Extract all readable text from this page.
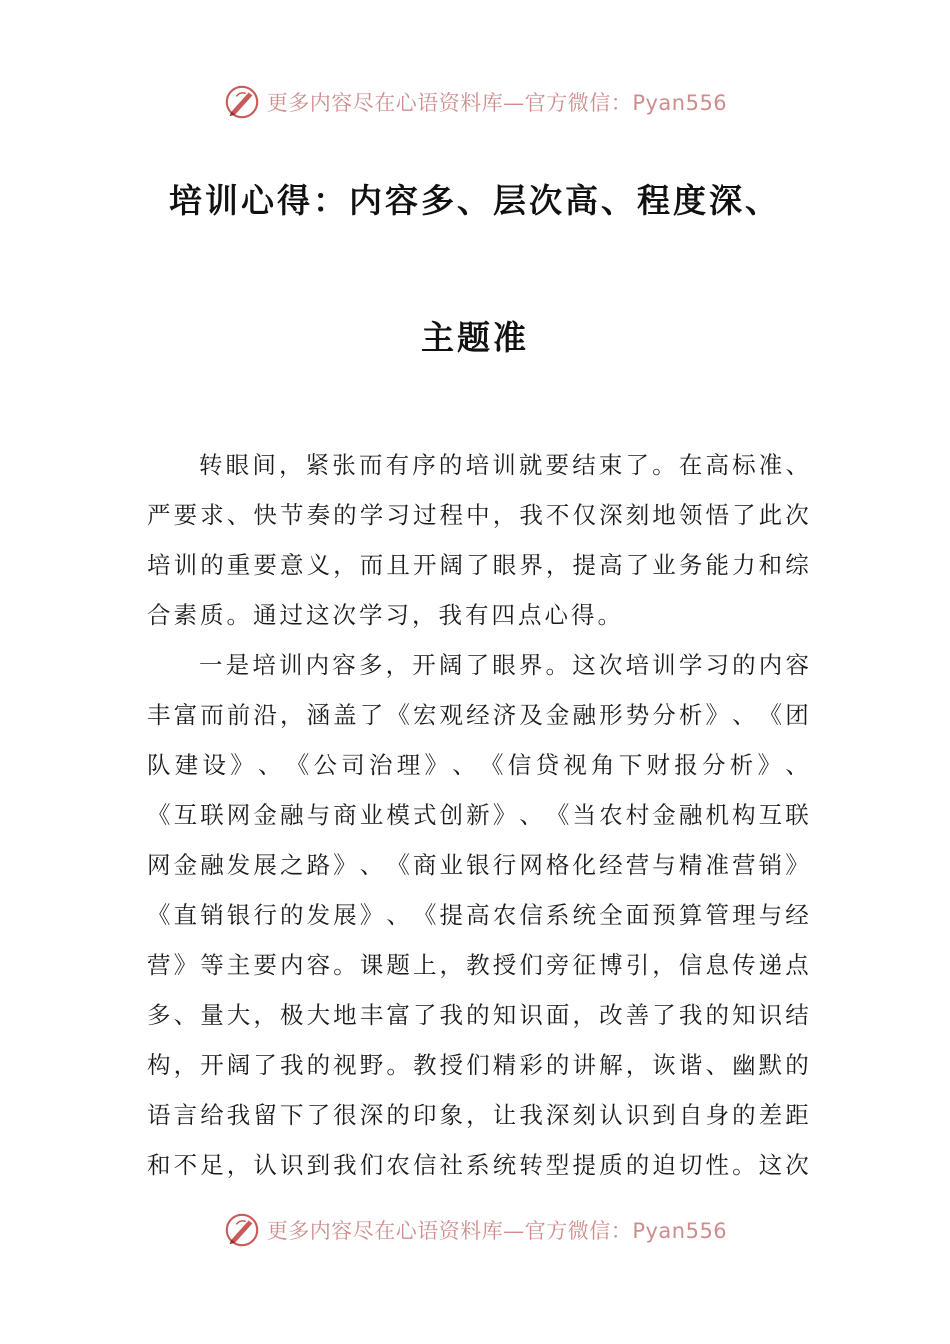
更多内容尽在心语资料库—官方微信：Pyan556
培训心得：内容多、层次高、程度深、
主题准
转 眼 间 ， 紧 张 而 有 序 的 培 训 就 要 结 束 了 。 在 高 标 准 、
严 要 求 、 快 节 奏 的 学 习 过 程 中 ， 我 不 仅 深 刻 地 领 悟 了 此 次
培 训 的 重 要 意 义 ， 而 且 开 阔 了 眼 界 ， 提 高 了 业 务 能 力 和 综
合素质。通过这次学习，我有四点心得。
一 是 培 训 内 容 多 ， 开 阔 了 眼 界 。 这 次 培 训 学 习 的 内 容
丰 富 而 前 沿 ， 涵 盖 了 《 宏 观 经 济 及 金 融 形 势 分 析 》 、 《 团
队 建 设 》 、 《 公 司 治 理 》 、 《 信 贷 视 角 下 财 报 分 析 》 、
《 互 联 网 金 融 与 商 业 模 式 创 新 》 、 《 当 农 村 金 融 机 构 互 联
网 金 融 发 展 之 路 》 、 《 商 业 银 行 网 格 化 经 营 与 精 准 营 销 》
《 直 销 银 行 的 发 展 》 、 《 提 高 农 信 系 统 全 面 预 算 管 理 与 经
营 》 等 主 要 内 容 。 课 题 上 ， 教 授 们 旁 征 博 引 ， 信 息 传 递 点
多 、 量 大 ， 极 大 地 丰 富 了 我 的 知 识 面 ， 改 善 了 我 的 知 识 结
构 ， 开 阔 了 我 的 视 野 。 教 授 们 精 彩 的 讲 解 ， 诙 谐 、 幽 默 的
语 言 给 我 留 下 了 很 深 的 印 象 ， 让 我 深 刻 认 识 到 自 身 的 差 距
和 不 足 ， 认 识 到 我 们 农 信 社 系 统 转 型 提 质 的 迫 切 性 。 这 次
更多内容尽在心语资料库—官方微信：Pyan556
